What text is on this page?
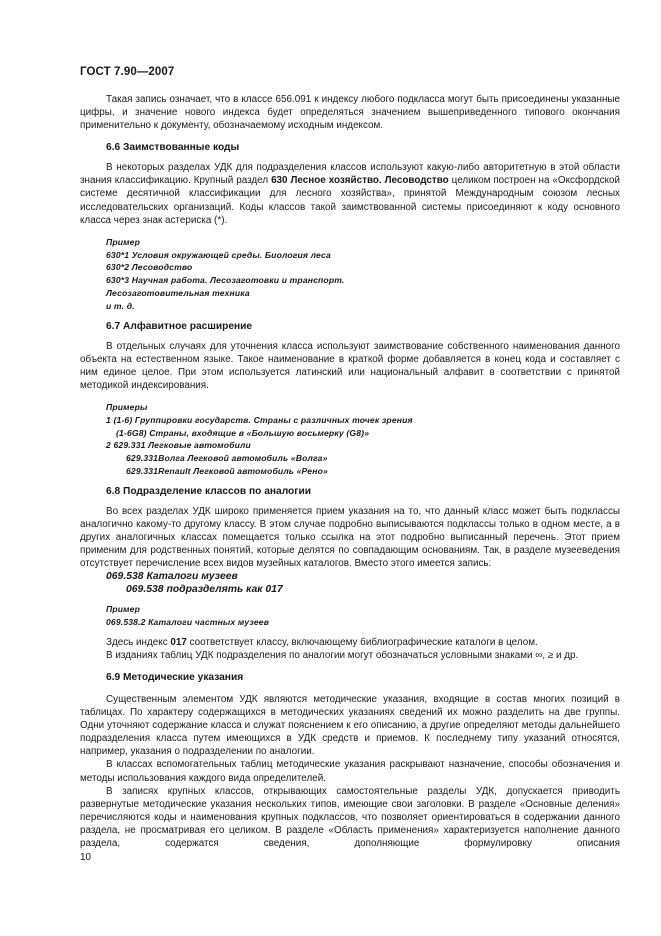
ГОСТ 7.90—2007

Такая запись означает, что в классе 656.091 к индексу любого подкласса могут быть присоединены указанные цифры, и значение нового индекса будет определяться значением вышеприведенного типового окончания применительно к документу, обозначаемому исходным индексом.

6.6 Заимствованные коды

В некоторых разделах УДК для подразделения классов используют какую-либо авторитетную в этой области знания классификацию. Крупный раздел 630 Лесное хозяйство. Лесоводство целиком построен на «Оксфордской системе десятичной классификации для лесного хозяйства», принятой Международным союзом лесных исследовательских организаций. Коды классов такой заимствованной системы присоединяют к коду основного класса через знак астериска (*).

Пример
630*1 Условия окружающей среды. Биология леса
630*2 Лесоводство
630*3 Научная работа. Лесозаготовки и транспорт.
Лесозаготовительная техника
и т. д.
6.7 Алфавитное расширение

В отдельных случаях для уточнения класса используют заимствование собственного наименования данного объекта на естественном языке. Такое наименование в краткой форме добавляется в конец кода и составляет с ним единое целое. При этом используется латинский или национальный алфавит в соответствии с принятой методикой индексирования.

Примеры
1 (1-6) Группировки государств. Страны с различных точек зрения
(1-6G8) Страны, входящие в «Большую восьмерку (G8)»
2 629.331 Легковые автомобили
629.331Волга Легковой автомобиль «Волга»
629.331Renault Легковой автомобиль «Рено»
6.8 Подразделение классов по аналогии

Во всех разделах УДК широко применяется прием указания на то, что данный класс может быть подклассы аналогично какому-то другому классу. В этом случае подробно выписываются подклассы только в одном месте, а в других аналогичных классах помещается только ссылка на этот подробно выписанный перечень. Этот прием применим для родственных понятий, которые делятся по совпадающим основаниям. Так, в разделе музееведения отсутствует перечисление всех видов музейных каталогов. Вместо этого имеется запись:

069.538 Каталоги музеев
069.538 подразделять как 017
Пример
069.538.2 Каталоги частных музеев

Здесь индекс 017 соответствует классу, включающему библиографические каталоги в целом.

В изданиях таблиц УДК подразделения по аналогии могут обозначаться условными знаками ∞, ≥ и др.

6.9 Методические указания

Существенным элементом УДК являются методические указания, входящие в состав многих позиций в таблицах. По характеру содержащихся в методических указаниях сведений их можно разделить на две группы. Одни уточняют содержание класса и служат пояснением к его описанию, а другие определяют методы дальнейшего подразделения класса путем имеющихся в УДК средств и приемов. К последнему типу указаний относятся, например, указания о подразделении по аналогии.

В классах вспомогательных таблиц методические указания раскрывают назначение, способы обозначения и методы использования каждого вида определителей.

В записях крупных классов, открывающих самостоятельные разделы УДК, допускается приводить развернутые методические указания нескольких типов, имеющие свои заголовки. В разделе «Основные деления» перечисляются коды и наименования крупных подклассов, что позволяет ориентироваться в содержании данного раздела, не просматривая его целиком. В разделе «Область применения» характеризуется наполнение данного раздела, содержатся сведения, дополняющие формулировку описания

10
